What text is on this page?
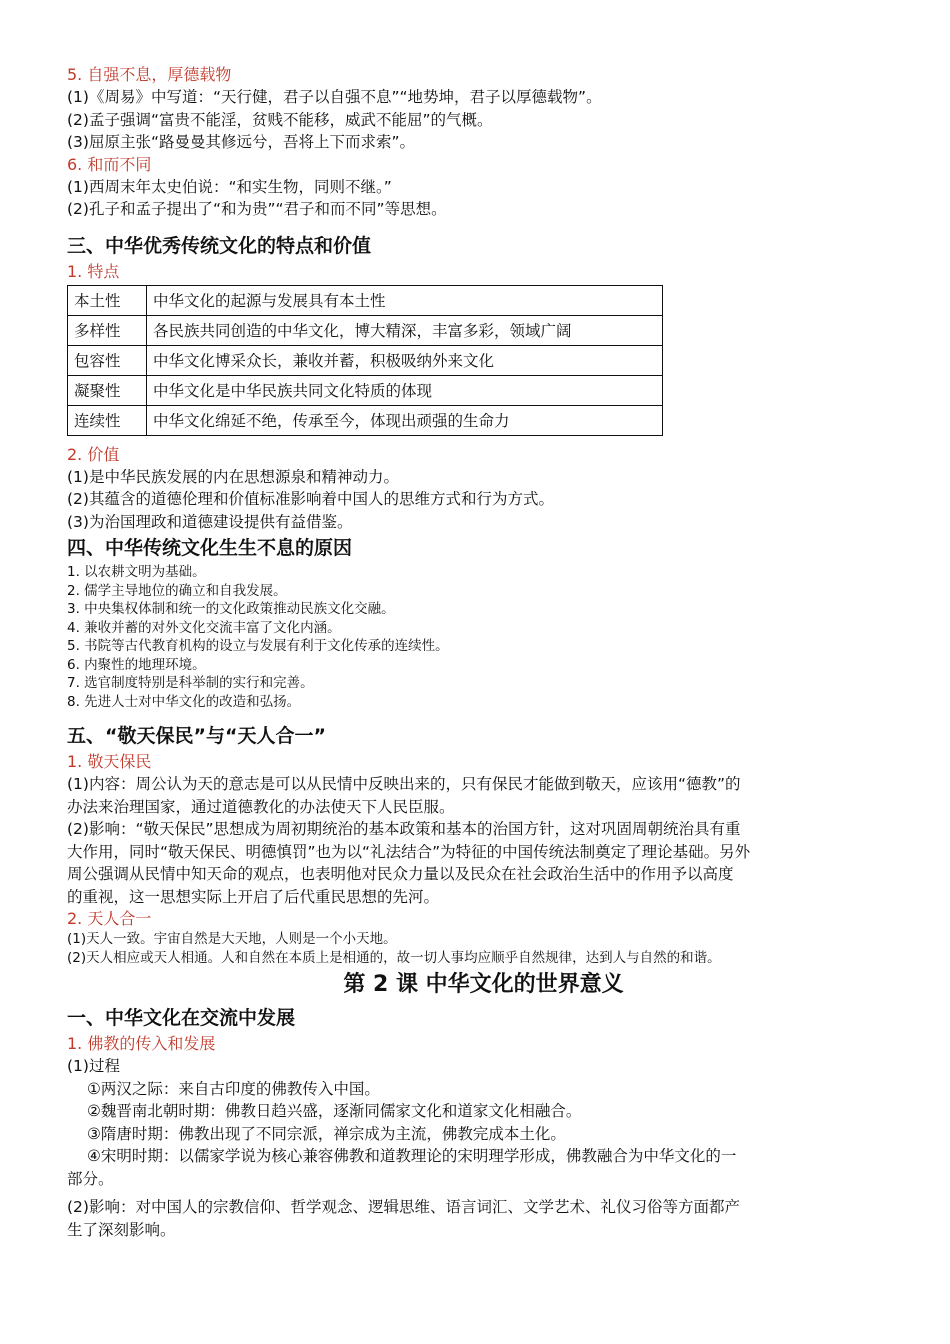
5. 自强不息，厚德载物

(1)《周易》中写道：“天行健，君子以自强不息”“地势坤，君子以厚德载物”。

(2)孟子强调“富贵不能淫，贫贱不能移，威武不能屈”的气概。

(3)屈原主张“路曼曼其修远兮，吾将上下而求索”。

6. 和而不同

(1)西周末年太史伯说：“和实生物，同则不继。”

(2)孔子和孟子提出了“和为贵”“君子和而不同”等思想。

三、中华优秀传统文化的特点和价值

1. 特点
本土性	中华文化的起源与发展具有本土性
多样性	各民族共同创造的中华文化，博大精深，丰富多彩，领域广阔
包容性	中华文化博采众长，兼收并蓄，积极吸纳外来文化
凝聚性	中华文化是中华民族共同文化特质的体现
连续性	中华文化绵延不绝，传承至今，体现出顽强的生命力
2. 价值

(1)是中华民族发展的内在思想源泉和精神动力。

(2)其蕴含的道德伦理和价值标准影响着中国人的思维方式和行为方式。

(3)为治国理政和道德建设提供有益借鉴。

四、中华传统文化生生不息的原因

1. 以农耕文明为基础。

2. 儒学主导地位的确立和自我发展。

3. 中央集权体制和统一的文化政策推动民族文化交融。

4. 兼收并蓄的对外文化交流丰富了文化内涵。

5. 书院等古代教育机构的设立与发展有利于文化传承的连续性。

6. 内聚性的地理环境。

7. 选官制度特别是科举制的实行和完善。

8. 先进人士对中华文化的改造和弘扬。

五、“敬天保民”与“天人合一”

1. 敬天保民

(1)内容：周公认为天的意志是可以从民情中反映出来的，只有保民才能做到敬天，应该用“德教”的

办法来治理国家，通过道德教化的办法使天下人民臣服。

(2)影响：“敬天保民”思想成为周初期统治的基本政策和基本的治国方针，这对巩固周朝统治具有重

大作用，同时“敬天保民、明德慎罚”也为以“礼法结合”为特征的中国传统法制奠定了理论基础。另外

周公强调从民情中知天命的观点，也表明他对民众力量以及民众在社会政治生活中的作用予以高度

的重视，这一思想实际上开启了后代重民思想的先河。

2. 天人合一

(1)天人一致。宇宙自然是大天地，人则是一个小天地。

(2)天人相应或天人相通。人和自然在本质上是相通的，故一切人事均应顺乎自然规律，达到人与自然的和谐。

第 2 课 中华文化的世界意义

一、中华文化在交流中发展

1. 佛教的传入和发展

(1)过程

①两汉之际：来自古印度的佛教传入中国。

②魏晋南北朝时期：佛教日趋兴盛，逐渐同儒家文化和道家文化相融合。

③隋唐时期：佛教出现了不同宗派，禅宗成为主流，佛教完成本土化。

④宋明时期：以儒家学说为核心兼容佛教和道教理论的宋明理学形成，佛教融合为中华文化的一

部分。

(2)影响：对中国人的宗教信仰、哲学观念、逻辑思维、语言词汇、文学艺术、礼仪习俗等方面都产

生了深刻影响。
